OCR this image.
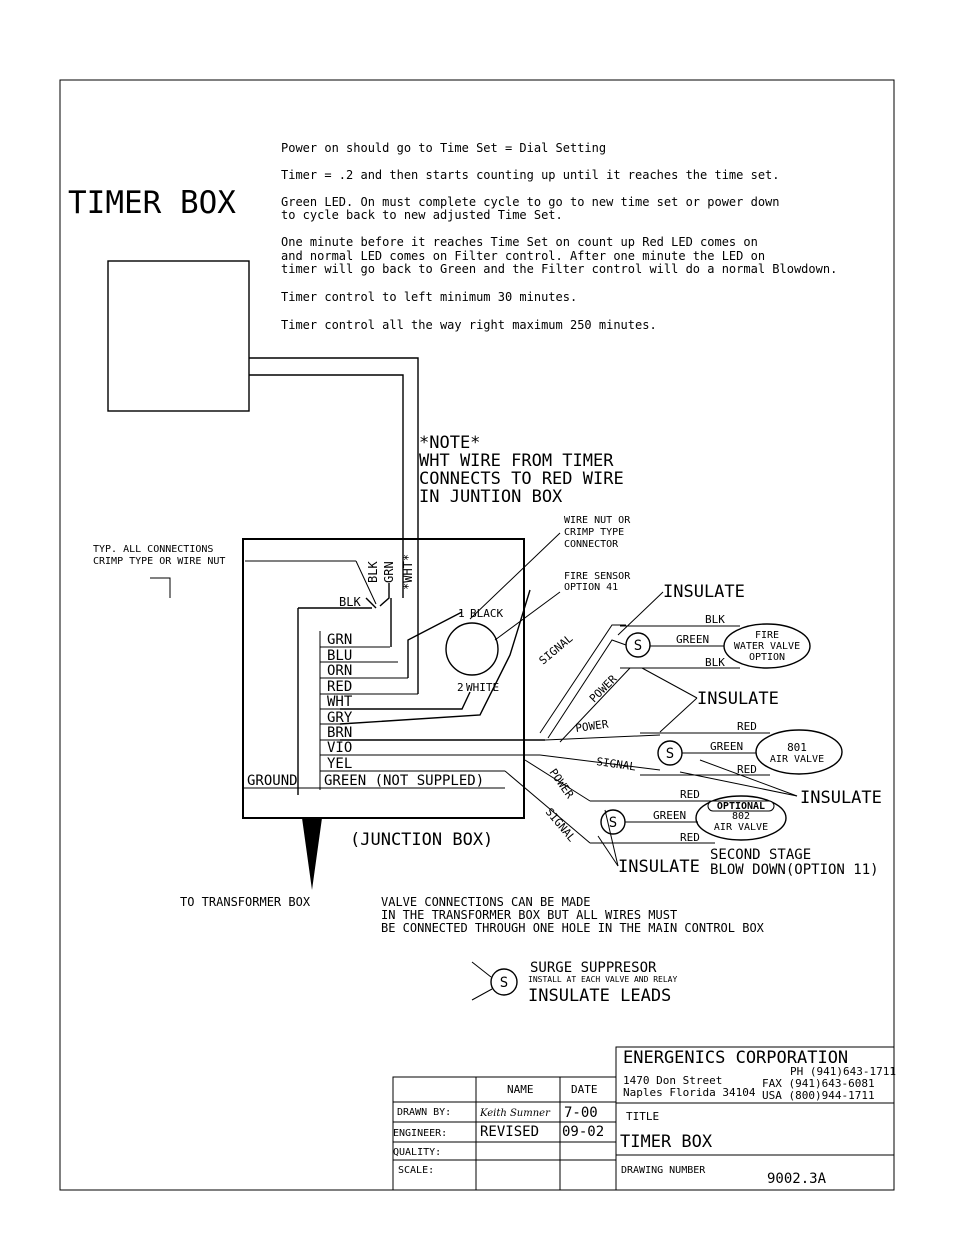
TIMER BOX
Power on should go to Time Set = Dial Setting
Timer = .2 and then starts counting up until it reaches the time set.
Green LED. On must complete cycle to go to new time set or power down
to cycle back to new adjusted Time Set.
One minute before it reaches Time Set on count up Red LED comes on
and normal LED comes on Filter control. After one minute the LED on
timer will go back to Green and the Filter control will do a normal Blowdown.
Timer control to left minimum 30 minutes.
Timer control all the way right maximum 250 minutes.
*NOTE*
WHT WIRE FROM TIMER
CONNECTS TO RED WIRE
IN JUNTION BOX
TYP. ALL CONNECTIONS
CRIMP TYPE OR WIRE NUT	BLK GRN *WHT*
BLK
GRN
BLU
ORN
RED
WHT
GRY
BRN
VIO
YEL
GROUND GREEN (NOT SUPPLED)
1 BLACK
2 WHITE
WIRE NUT OR
CRIMP TYPE
CONNECTOR
FIRE SENSOR
OPTION 41	INSULATE
INSULATE
INSULATE
INSULATE
FIRE
WATER VALVE
OPTION
S
BLK
GREEN
BLK
SIGNAL
POWER
801
AIR VALVE
S
RED
GREEN
RED
POWER
SIGNAL
OPTIONAL
802
AIR VALVE
S
RED
GREEN
RED
POWER
SIGNAL
SECOND STAGE
BLOW DOWN(OPTION 11)
(JUNCTION BOX)
TO TRANSFORMER BOX	VALVE CONNECTIONS CAN BE MADE
IN THE TRANSFORMER BOX BUT ALL WIRES MUST
BE CONNECTED THROUGH ONE HOLE IN THE MAIN CONTROL BOX
S
SURGE SUPPRESOR
INSTALL AT EACH VALVE AND RELAY
INSULATE LEADS
ENERGENICS CORPORATION
1470 Don Street
Naples Florida 34104
PH (941)643-1711
FAX (941)643-6081
USA (800)944-1711
NAME	DATE
DRAWN BY:	Keith Sumner 7-00
ENGINEER: REVISED 09-02
QUALITY:
SCALE:
TITLE
TIMER BOX
DRAWING NUMBER
9002.3A
